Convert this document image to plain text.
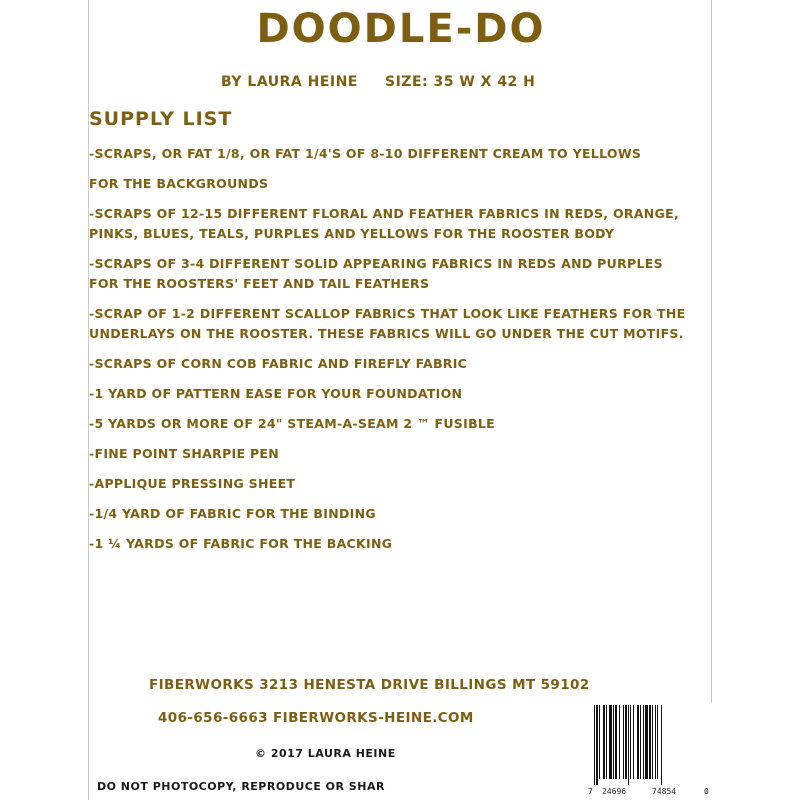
DOODLE-DO
BY LAURA HEINE SIZE: 35 W X 42 H
SUPPLY LIST
-SCRAPS, OR FAT 1/8, OR FAT 1/4'S OF 8-10 DIFFERENT CREAM TO YELLOWS
FOR THE BACKGROUNDS
-SCRAPS OF 12-15 DIFFERENT FLORAL AND FEATHER FABRICS IN REDS, ORANGE, PINKS, BLUES, TEALS, PURPLES AND YELLOWS FOR THE ROOSTER BODY
-SCRAPS OF 3-4 DIFFERENT SOLID APPEARING FABRICS IN REDS AND PURPLES FOR THE ROOSTERS' FEET AND TAIL FEATHERS
-SCRAP OF 1-2 DIFFERENT SCALLOP FABRICS THAT LOOK LIKE FEATHERS FOR THE UNDERLAYS ON THE ROOSTER. THESE FABRICS WILL GO UNDER THE CUT MOTIFS.
-SCRAPS OF CORN COB FABRIC AND FIREFLY FABRIC
-1 YARD OF PATTERN EASE FOR YOUR FOUNDATION
-5 YARDS OR MORE OF 24" STEAM-A-SEAM 2 ™ FUSIBLE
-FINE POINT SHARPIE PEN
-APPLIQUE PRESSING SHEET
-1/4 YARD OF FABRIC FOR THE BINDING
-1 ¼ YARDS OF FABRIC FOR THE BACKING
FIBERWORKS 3213 HENESTA DRIVE BILLINGS MT 59102
406-656-6663 FIBERWORKS-HEINE.COM
© 2017 LAURA HEINE
DO NOT PHOTOCOPY, REPRODUCE OR SHAR	7 24696	74854	0
